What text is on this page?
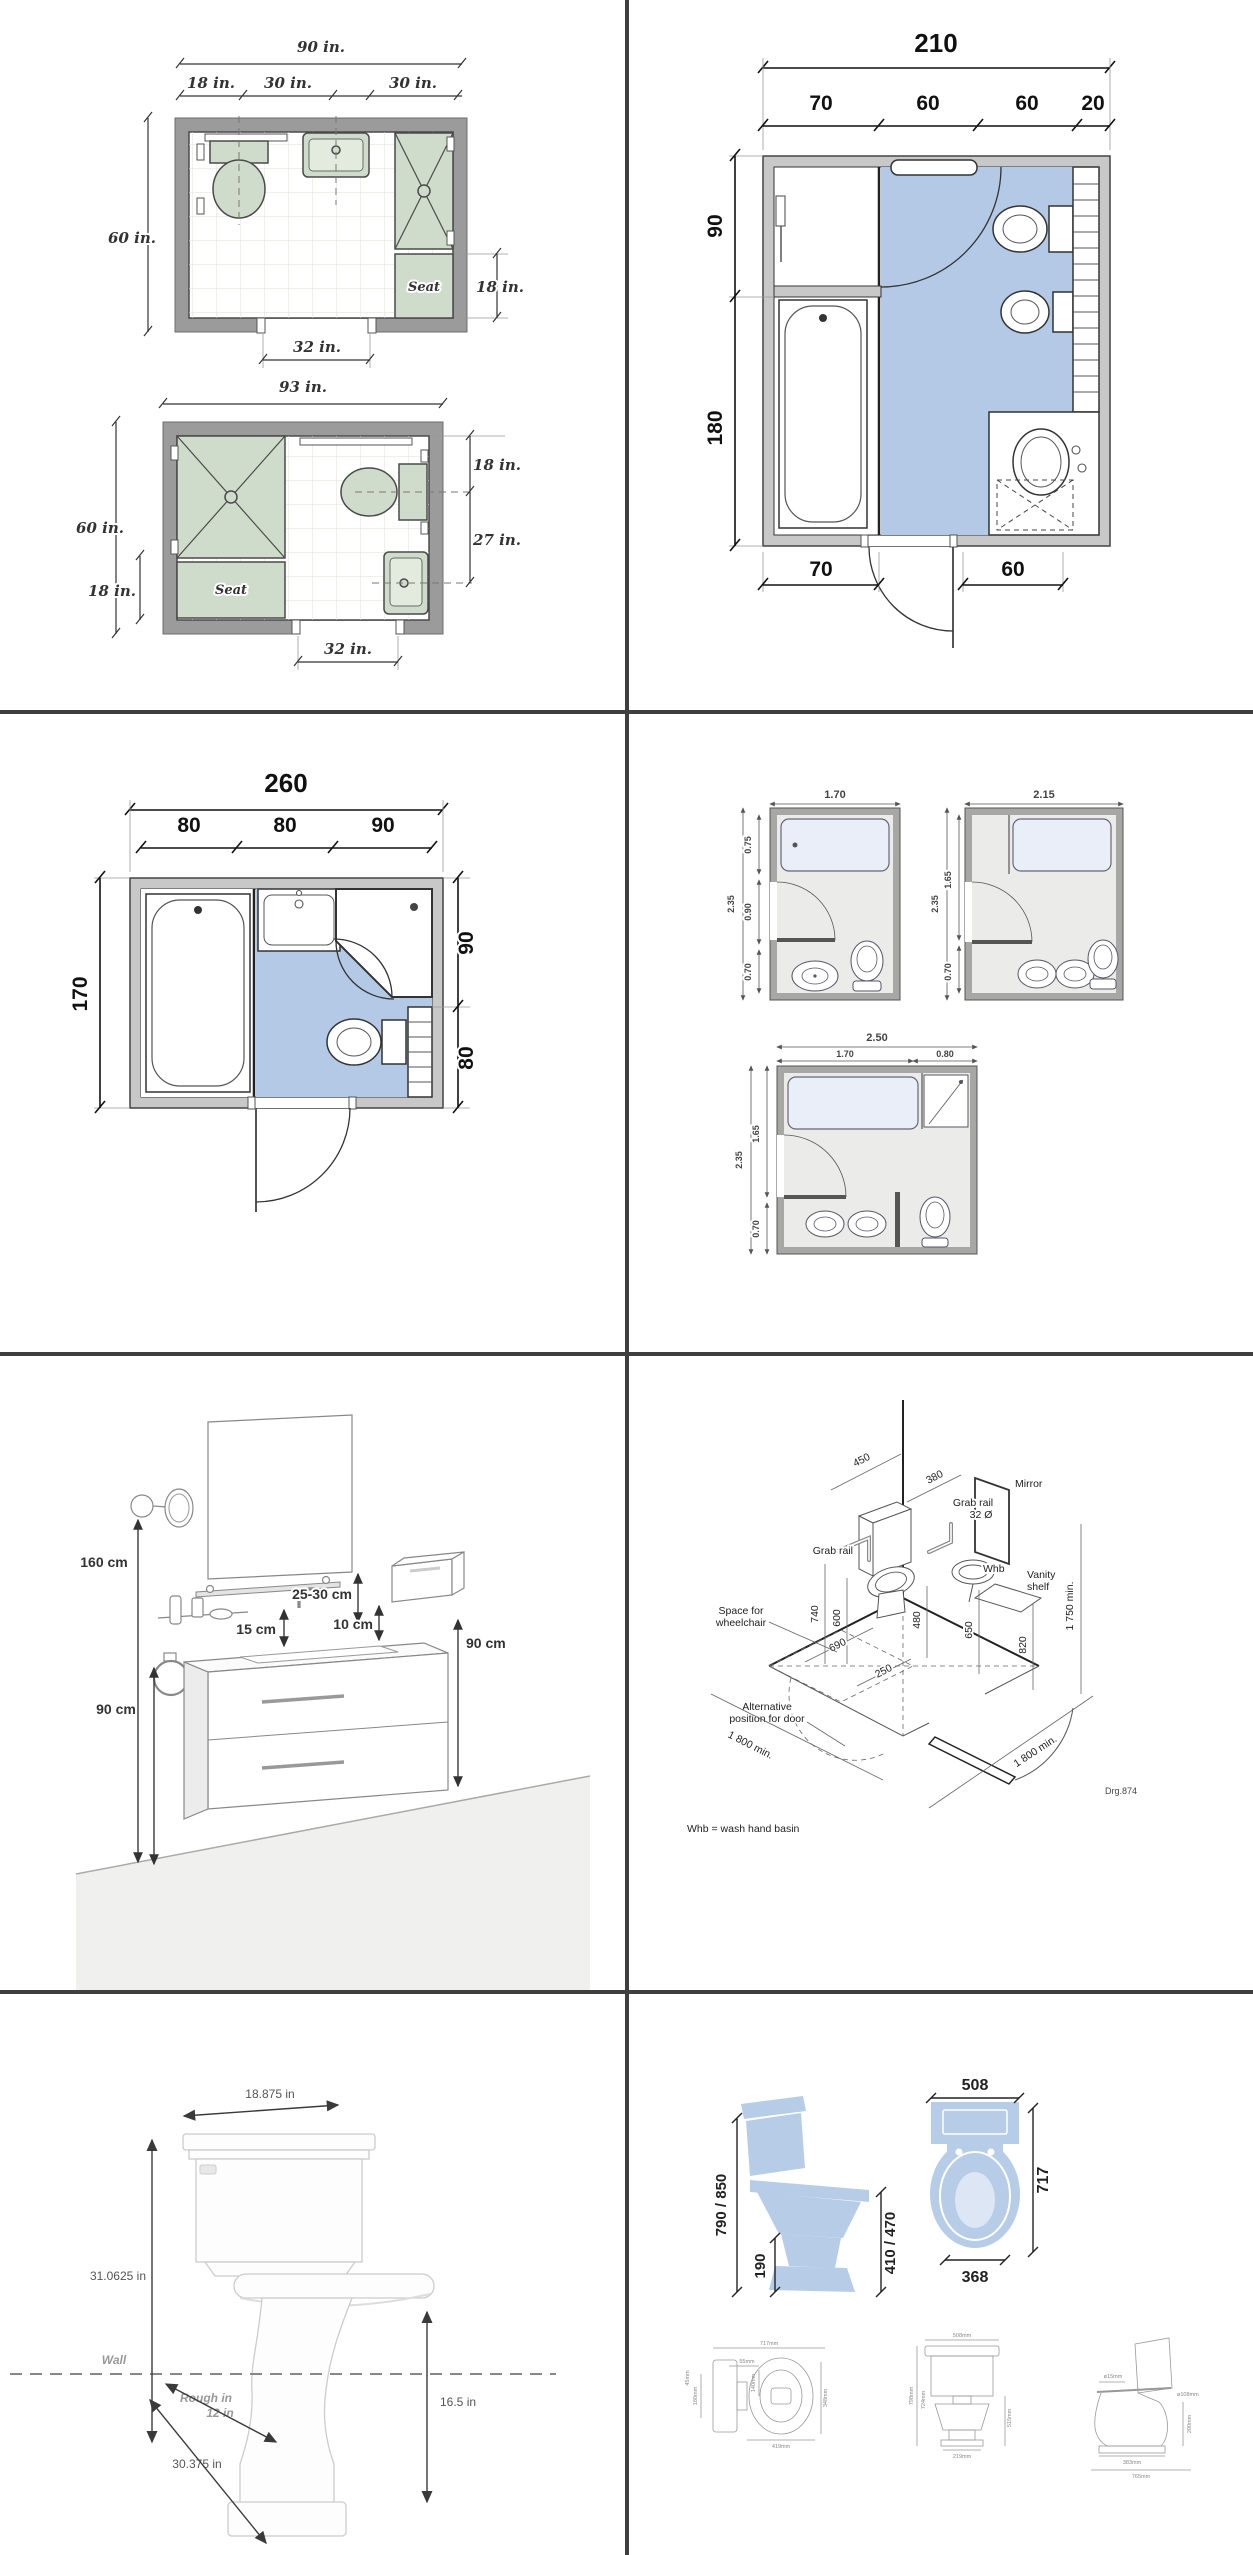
Seat
90 in.
18 in. 30 in.	30 in.
60 in.
18 in.
32 in.
Seat
93 in.
60 in.
18 in.
18 in.
27 in.
32 in.
210
70	60	60 20
90
180
70	60
260
80	80	90
170
90
80
1.70
2.35
0.75
0.90
0.70
2.15
2.35
1.65
0.70
2.50
1.70	0.80
2.35
1.65
0.70
160 cm
25-30 cm
10 cm
15 cm
90 cm
90 cm
450
380
Grab rail
32 Ø
Mirror
Grab rail
Whb Vanity
shelf
740 600	480
650
820
1 750 min.
690
250
Space for
wheelchair
Alternative
position for door
1 800 min.	1 800 min.
Drg.874
Whb = wash hand basin
18.875 in
31.0625 in
Wall
Rough in
12 in
30.375 in
16.5 in
790 / 850
190	410 / 470
508
717
368
717mm
55mm
45mm
180mm
140mm
348mm
419mm
508mm
798mm 724mm
515mm
219mm
ø15mm
ø108mm
200mm
383mm
765mm
